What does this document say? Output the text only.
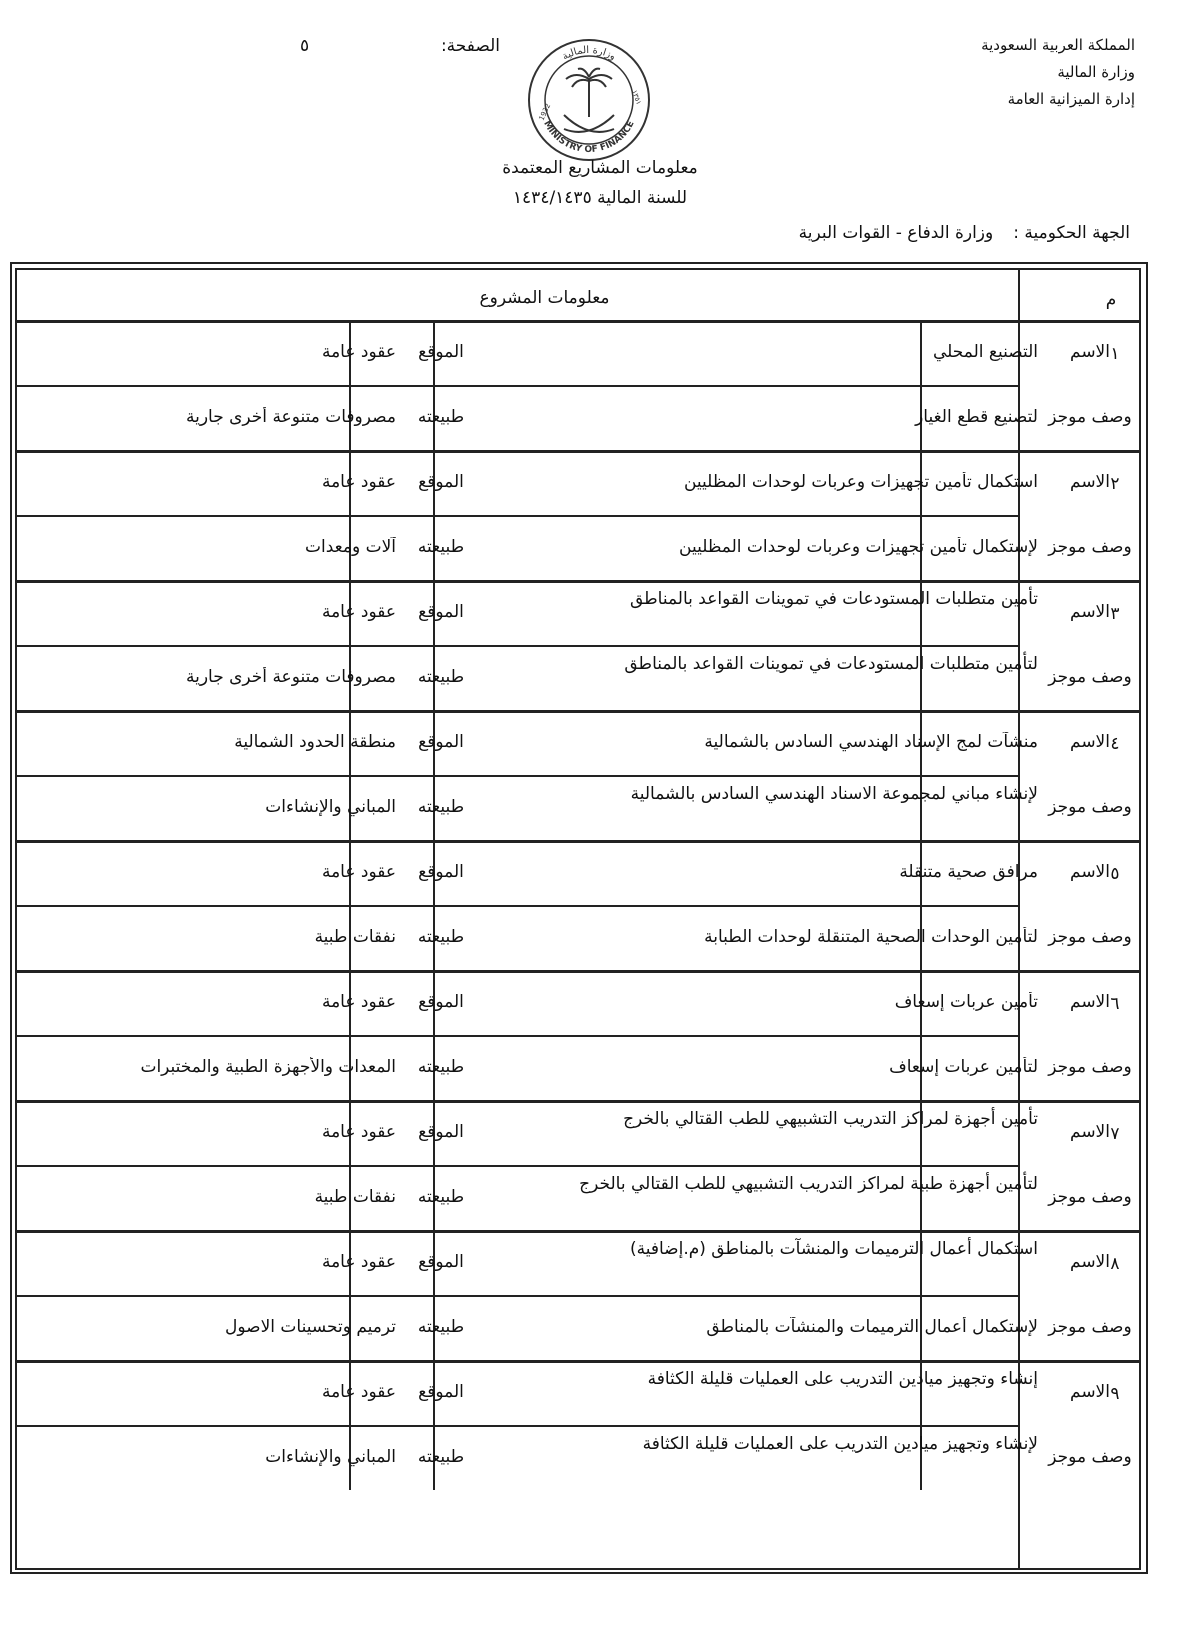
المملكة العربية السعودية
وزارة المالية
إدارة الميزانية العامة
الصفحة:
٥
وزارة المالية
MINISTRY OF FINANCE
1932
١٣٥١
معلومات المشاريع المعتمدة
للسنة المالية ١٤٣٤/١٤٣٥
الجهة الحكومية :وزارة الدفاع - القوات البرية
معلومات المشروع	م
١
الاسم
التصنيع المحلي
الموقع
عقود عامة
وصف موجز
لتصنيع قطع الغيار
طبيعته
مصروفات متنوعة أخرى جارية
٢
الاسم
استكمال تأمين تجهيزات وعربات لوحدات المظليين
الموقع
عقود عامة
وصف موجز
لإستكمال تأمين تجهيزات وعربات لوحدات المظليين
طبيعته
آلات ومعدات
٣
الاسم
تأمين متطلبات المستودعات في تموينات القواعد بالمناطق
الموقع
عقود عامة
وصف موجز
لتأمين متطلبات المستودعات في تموينات القواعد بالمناطق
طبيعته
مصروفات متنوعة أخرى جارية
٤
الاسم
منشآت لمج الإسناد الهندسي السادس بالشمالية
الموقع
منطقة الحدود الشمالية
وصف موجز
لإنشاء مباني لمجموعة الاسناد الهندسي السادس بالشمالية
طبيعته
المباني والإنشاءات
٥
الاسم
مرافق صحية متنقلة
الموقع
عقود عامة
وصف موجز
لتأمين الوحدات الصحية المتنقلة لوحدات الطبابة
طبيعته
نفقات طبية
٦
الاسم
تأمين عربات إسعاف
الموقع
عقود عامة
وصف موجز
لتأمين عربات إسعاف
طبيعته
المعدات والأجهزة الطبية والمختبرات
٧
الاسم
تأمين أجهزة لمراكز التدريب التشبيهي للطب القتالي بالخرج
الموقع
عقود عامة
وصف موجز
لتأمين أجهزة طبية لمراكز التدريب التشبيهي للطب القتالي بالخرج
طبيعته
نفقات طبية
٨
الاسم
استكمال أعمال الترميمات والمنشآت بالمناطق (م.إضافية)
الموقع
عقود عامة
وصف موجز
لإستكمال أعمال الترميمات والمنشآت بالمناطق
طبيعته
ترميم وتحسينات الاصول
٩
الاسم
إنشاء وتجهيز ميادين التدريب على العمليات قليلة الكثافة
الموقع
عقود عامة
وصف موجز
لإنشاء وتجهيز ميادين التدريب على العمليات قليلة الكثافة
طبيعته
المباني والإنشاءات
